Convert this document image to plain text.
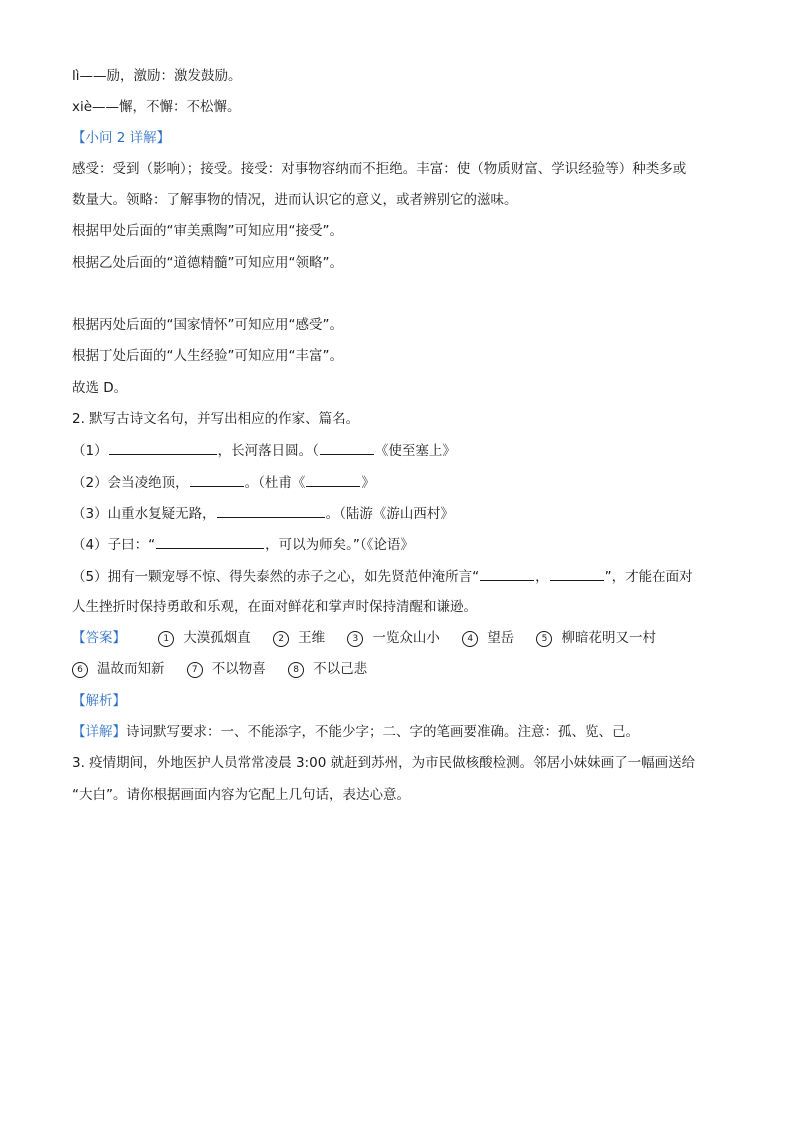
lì——励，激励：激发鼓励。
xiè——懈，不懈：不松懈。
【小问 2 详解】
感受：受到（影响）；接受。接受：对事物容纳而不拒绝。丰富：使（物质财富、学识经验等）种类多或
数量大。领略：了解事物的情况，进而认识它的意义，或者辨别它的滋味。
根据甲处后面的“审美熏陶”可知应用“接受”。
根据乙处后面的“道德精髓”可知应用“领略”。
根据丙处后面的“国家情怀”可知应用“感受”。
根据丁处后面的“人生经验”可知应用“丰富”。
故选 D。
2. 默写古诗文名句，并写出相应的作家、篇名。
（1）	，长河落日圆。（	《使至塞上》
（2）会当凌绝顶，	。（杜甫《	》
（3）山重水复疑无路，	。（陆游《游山西村》
（4）子曰：“	，可以为师矣。”（《论语》
（5）拥有一颗宠辱不惊、得失泰然的赤子之心，如先贤范仲淹所言“	，	”，才能在面对
人生挫折时保持勇敢和乐观，在面对鲜花和掌声时保持清醒和谦逊。
【答案】	1 大漠孤烟直	2 王维	3 一览众山小	4 望岳	5 柳暗花明又一村
6 温故而知新	7 不以物喜	8 不以己悲
【解析】
【详解】诗词默写要求：一、不能添字，不能少字；二、字的笔画要准确。注意：孤、览、己。
3. 疫情期间，外地医护人员常常凌晨 3:00 就赶到苏州，为市民做核酸检测。邻居小妹妹画了一幅画送给
“大白”。请你根据画面内容为它配上几句话，表达心意。
